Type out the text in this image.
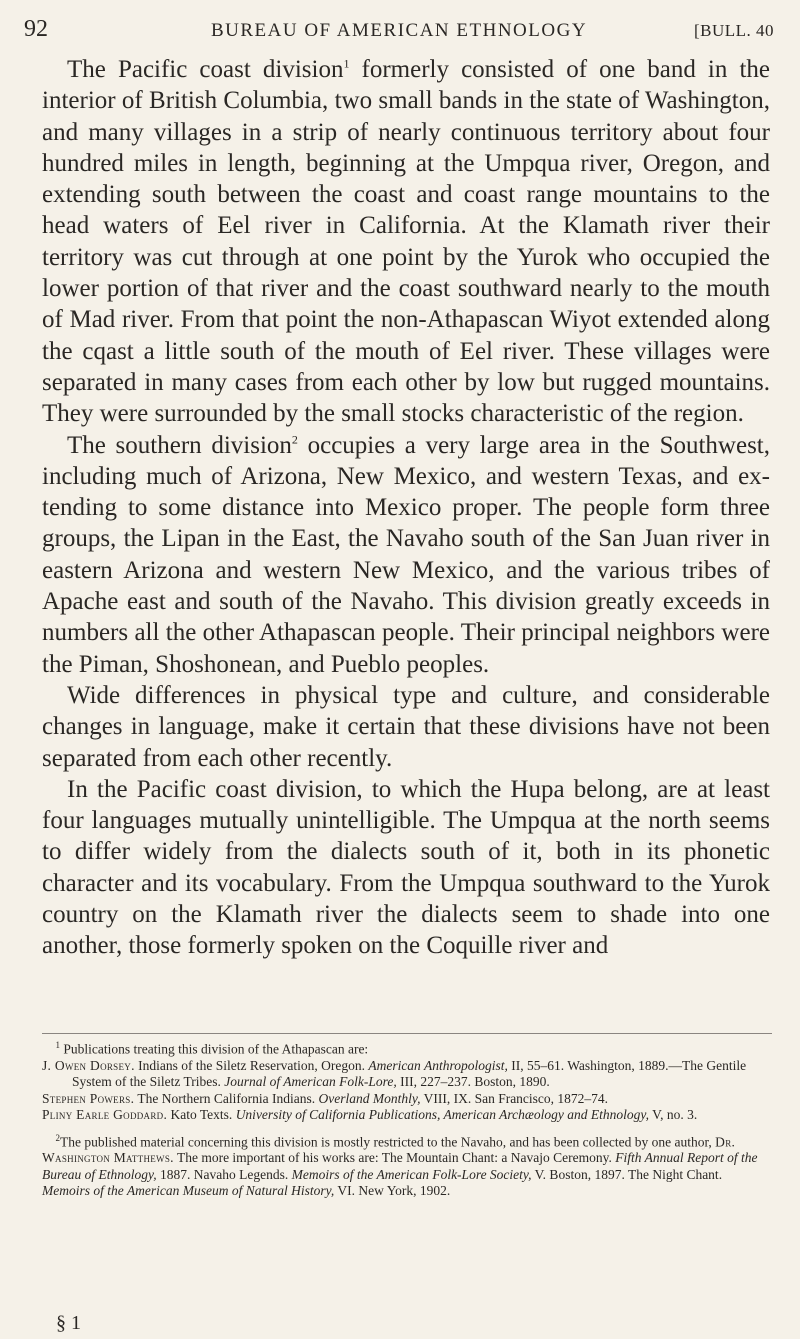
92	BUREAU OF AMERICAN ETHNOLOGY	[BULL. 40

 The Pacific coast division$^1$ formerly consisted of one band in the interior of British Columbia, two small bands in the state of Washington, and many villages in a strip of nearly continuous territory about four hundred miles in length, beginning at the Umpqua river, Oregon, and extending south between the coast and coast range mountains to the head waters of Eel river in California. At the Klamath river their territory was cut through at one point by the Yurok who occupied the lower portion of that river and the coast southward nearly to the mouth of Mad river. From that point the non-Athapascan Wiyot extended along the cqast a little south of the mouth of Eel river. These villages were separated in many cases from each other by low but rugged mountains. They were surrounded by the small stocks characteristic of the region.

 The southern division$^2$ occupies a very large area in the Southwest, including much of Arizona, New Mexico, and western Texas, and extending to some distance into Mexico proper. The people form three groups, the Lipan in the East, the Navaho south of the San Juan river in eastern Arizona and western New Mexico, and the various tribes of Apache east and south of the Navaho. This division greatly exceeds in numbers all the other Athapascan people. Their principal neighbors were the Piman, Shoshonean, and Pueblo peoples.

 Wide differences in physical type and culture, and considerable changes in language, make it certain that these divisions have not been separated from each other recently.

 In the Pacific coast division, to which the Hupa belong, are at least four languages mutually unintelligible. The Umpqua at the north seems to differ widely from the dialects south of it, both in its phonetic character and its vocabulary. From the Umpqua southward to the Yurok country on the Klamath river the dialects seem to shade into one another, those formerly spoken on the Coquille river and

 $^1$ Publications treating this division of the Athapascan are:

J. Owen Dorsey. Indians of the Siletz Reservation, Oregon. American Anthropologist, II, 55–61. Washington, 1889.—The Gentile System of the Siletz Tribes. Journal of American Folk-Lore, III, 227–237. Boston, 1890.

Stephen Powers. The Northern California Indians. Overland Monthly, VIII, IX. San Francisco, 1872–74.

Pliny Earle Goddard. Kato Texts. University of California Publications, American Archæology and Ethnology, V, no. 3.

 $^2$The published material concerning this division is mostly restricted to the Navaho, and has been collected by one author, Dr. Washington Matthews. The more important of his works are: The Mountain Chant: a Navajo Ceremony. Fifth Annual Report of the Bureau of Ethnology, 1887. Navaho Legends. Memoirs of the American Folk-Lore Society, V. Boston, 1897. The Night Chant. Memoirs of the American Museum of Natural History, VI. New York, 1902.

§ 1
